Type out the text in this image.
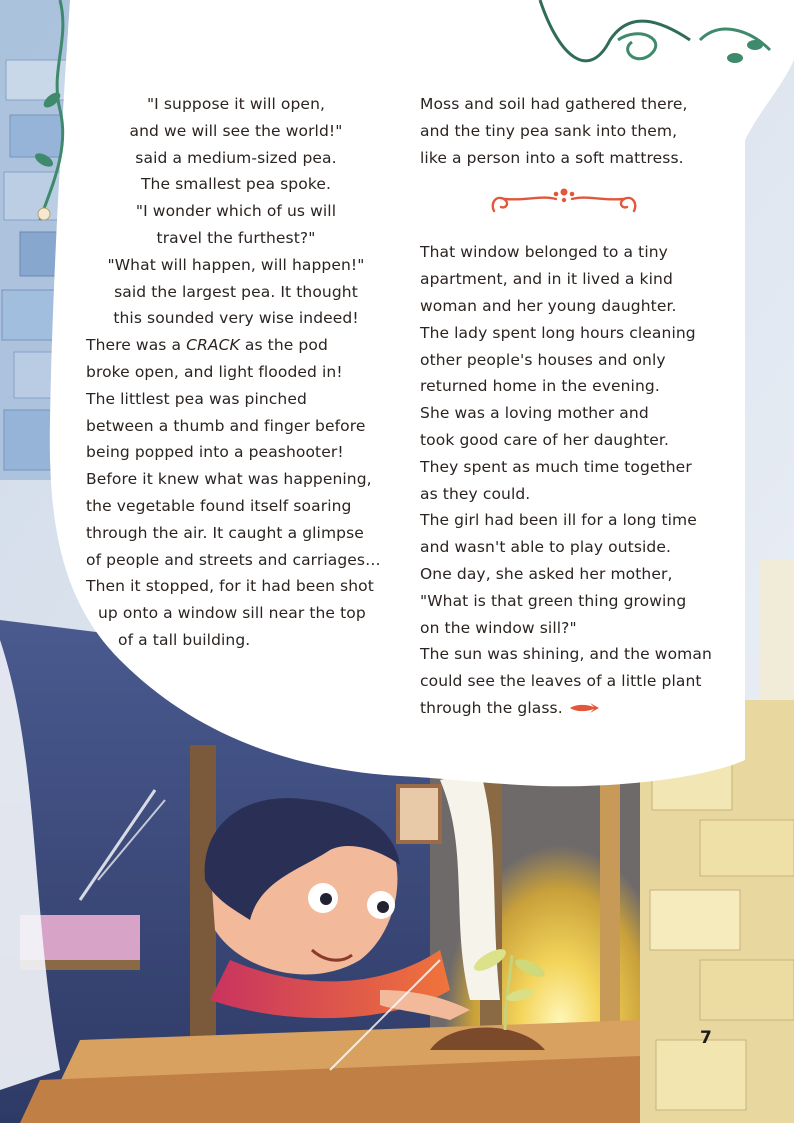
"I suppose it will open,
and we will see the world!"
said a medium-sized pea.

The smallest pea spoke.
"I wonder which of us will
travel the furthest?"

"What will happen, will happen!"
said the largest pea. It thought
this sounded very wise indeed!

There was a CRACK as the pod
broke open, and light flooded in!

The littlest pea was pinched
between a thumb and finger before
being popped into a peashooter!

Before it knew what was happening,
the vegetable found itself soaring
through the air. It caught a glimpse
of people and streets and carriages…
Then it stopped, for it had been shot
up onto a window sill near the top
of a tall building.

Moss and soil had gathered there,
and the tiny pea sank into them,
like a person into a soft mattress.

That window belonged to a tiny
apartment, and in it lived a kind
woman and her young daughter.
The lady spent long hours cleaning
other people's houses and only
returned home in the evening.

She was a loving mother and
took good care of her daughter.
They spent as much time together
as they could.

The girl had been ill for a long time
and wasn't able to play outside.
One day, she asked her mother,
"What is that green thing growing
on the window sill?"

The sun was shining, and the woman
could see the leaves of a little plant
through the glass.

7
